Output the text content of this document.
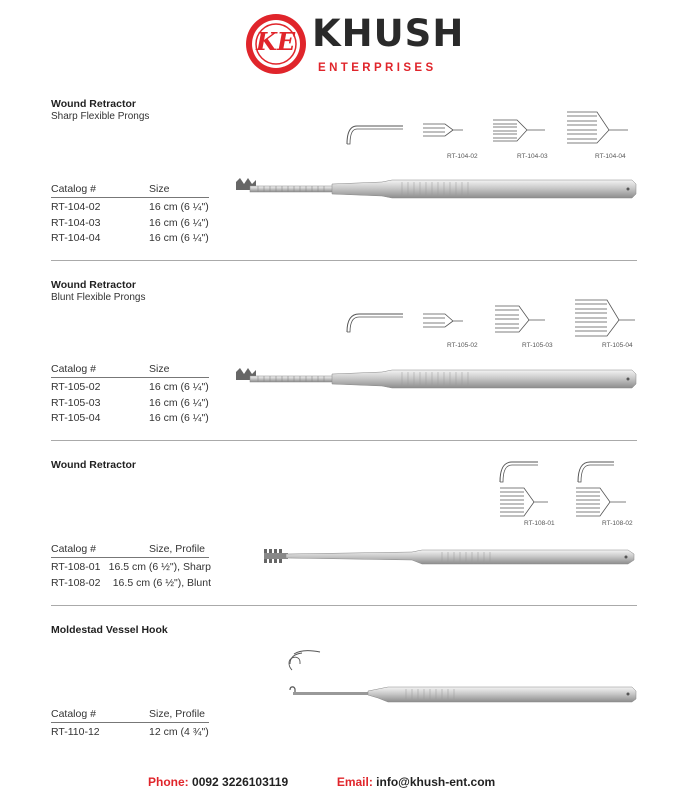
KE KHUSH
ENTERPRISES
Wound Retractor
Sharp Flexible Prongs
RT-104-02	RT-104-03	RT-104-04
Catalog #	Size
RT-104-02	16 cm (6 ¼")
RT-104-03	16 cm (6 ¼")
RT-104-04	16 cm (6 ¼")
Wound Retractor
Blunt Flexible Prongs
RT-105-02	RT-105-03	RT-105-04
Catalog #	Size
RT-105-02	16 cm (6 ¼")
RT-105-03	16 cm (6 ¼")
RT-105-04	16 cm (6 ¼")
Wound Retractor
RT-108-01	RT-108-02
Catalog #	Size, Profile
RT-108-01 16.5 cm (6 ½"), Sharp
RT-108-02	16.5 cm (6 ½"), Blunt
Moldestad Vessel Hook
Catalog #	Size, Profile
RT-110-12	12 cm (4 ¾")
Phone: 0092 3226103119	Email: info@khush-ent.com
